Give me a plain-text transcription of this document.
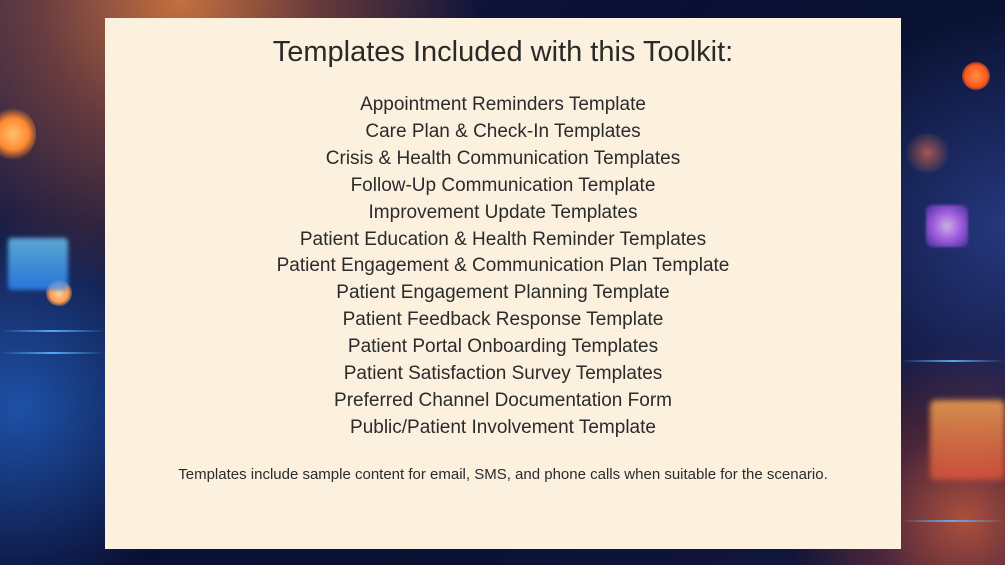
Templates Included with this Toolkit:
Appointment Reminders Template
Care Plan & Check-In Templates
Crisis & Health Communication Templates
Follow-Up Communication Template
Improvement Update Templates
Patient Education & Health Reminder Templates
Patient Engagement & Communication Plan Template
Patient Engagement Planning Template
Patient Feedback Response Template
Patient Portal Onboarding Templates
Patient Satisfaction Survey Templates
Preferred Channel Documentation Form
Public/Patient Involvement Template

Templates include sample content for email, SMS, and phone calls when suitable for the scenario.
